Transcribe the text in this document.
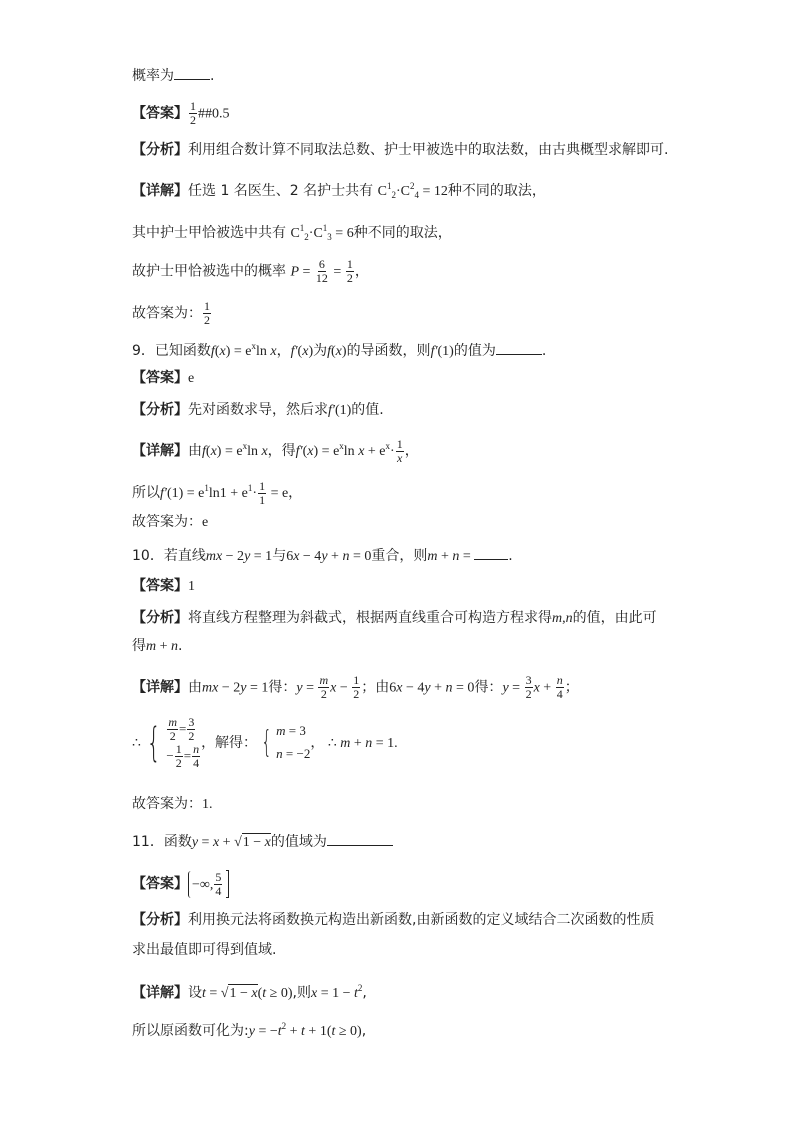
概率为	.
【答案】 $\frac{1}{2}$ ##0.5
【分析】利用组合数计算不同取法总数、护士甲被选中的取法数，由古典概型求解即可.
【详解】任选 1 名医生、2 名护士共有 $C^1_2\cdot C^2_4 = 12$种不同的取法，
其中护士甲恰被选中共有 $C^1_2\cdot C^1_3 = 6$种不同的取法，
故护士甲恰被选中的概率 $P = \frac{6}{12} = \frac{1}{2}$ ，
故答案为： $\frac{1}{2}$
9．已知函数$f(x) = e^x\ln$ x，f′(x)为f(x)的导函数，则f′(1)的值为	.
【答案】e
【分析】先对函数求导，然后求f′(1)的值.
【详解】由$f(x) = e^x\ln$ x，得$f'(x) = e^x\ln$ $x + e^x\cdot \frac{1}{x}$ ，
所以$f'(1) = e^1\ln 1 + e^1\cdot \frac{1}{1} = e$，
故答案为：e
10．若直线mx − 2y = 1与6x − 4y + n = 0重合，则m + n = .
【答案】1
【分析】将直线方程整理为斜截式，根据两直线重合可构造方程求得m,n的值，由此可
得m + n.
【详解】由mx − 2y = 1得：$y = \frac{m}{2}$ $x - \frac{1}{2}$ ；由6x − 4y + n = 0得：$y = \frac{3}{2}$ $x + \frac{n}{4}$ ；
∴ { $\frac{m}{2} = \frac{3}{2}$
− $\frac{1}{2} = \frac{n}{4}$ ，解得： { m = 3
n = −2
， ∴ m + n = 1.
故答案为：1.
11．函数y = x + √1 − x的值域为
【答案】 −∞, $\frac{5}{4}$
【分析】利用换元法将函数换元构造出新函数,由新函数的定义域结合二次函数的性质
求出最值即可得到值域.
【详解】设t = √1 − x(t ≥ 0),则$x = 1 - t^2$,
所以原函数可化为:y = $-t^2 + t + 1(t \ge 0)$,
